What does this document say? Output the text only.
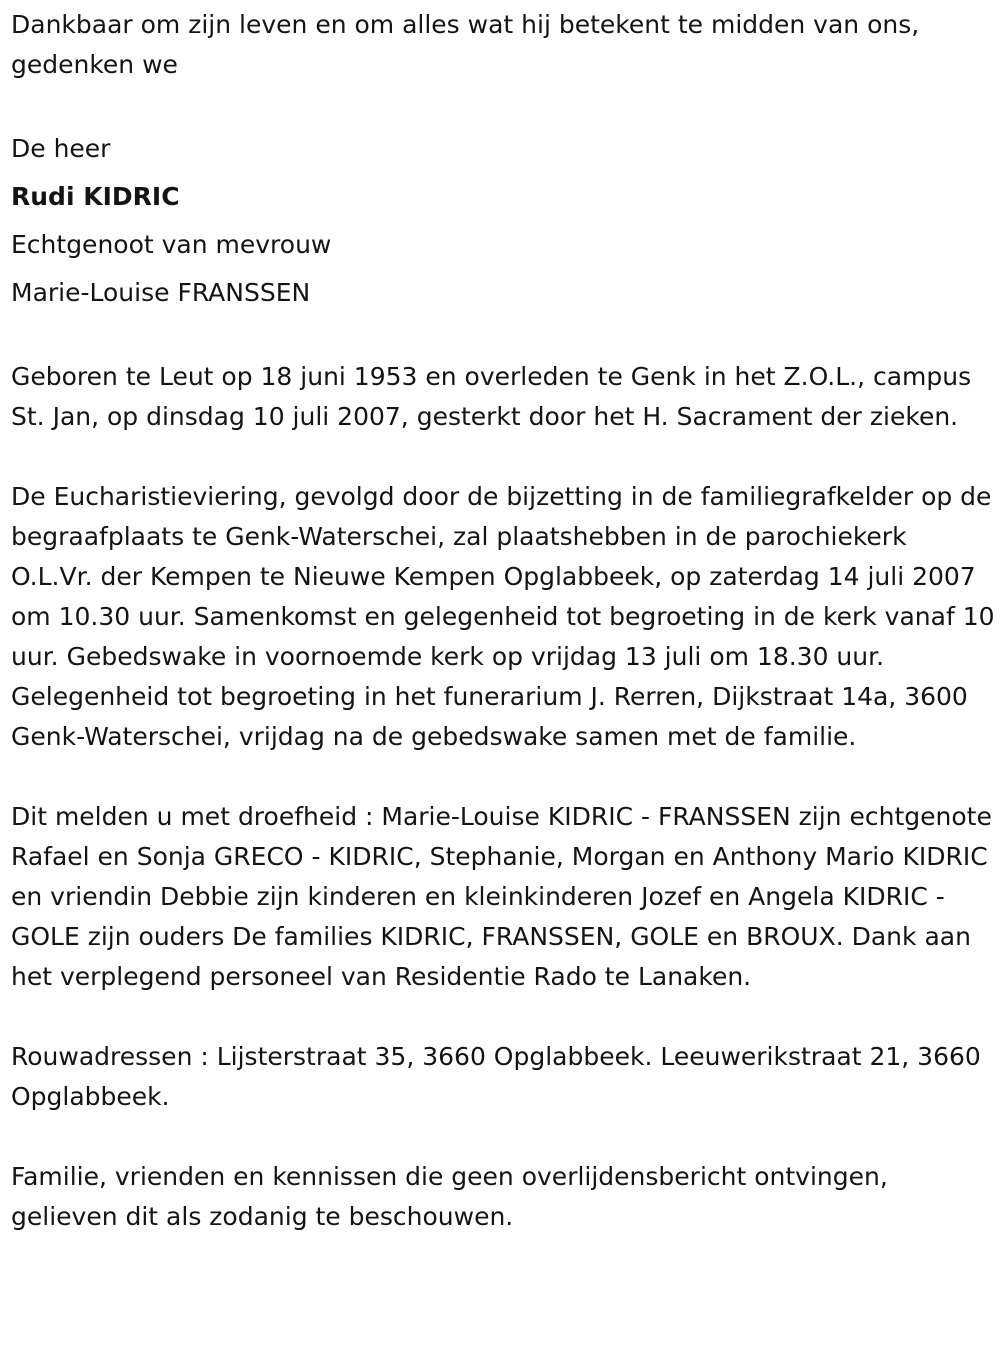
Dankbaar om zijn leven en om alles wat hij betekent te midden van ons, gedenken we

De heer

Rudi KIDRIC

Echtgenoot van mevrouw

Marie-Louise FRANSSEN

Geboren te Leut op 18 juni 1953 en overleden te Genk in het Z.O.L., campus St. Jan, op dinsdag 10 juli 2007, gesterkt door het H. Sacrament der zieken.

De Eucharistieviering, gevolgd door de bijzetting in de familiegrafkelder op de begraafplaats te Genk-Waterschei, zal plaatshebben in de parochiekerk O.L.Vr. der Kempen te Nieuwe Kempen Opglabbeek, op zaterdag 14 juli 2007 om 10.30 uur. Samenkomst en gelegenheid tot begroeting in de kerk vanaf 10 uur. Gebedswake in voornoemde kerk op vrijdag 13 juli om 18.30 uur. Gelegenheid tot begroeting in het funerarium J. Rerren, Dijkstraat 14a, 3600 Genk-Waterschei, vrijdag na de gebedswake samen met de familie.

Dit melden u met droefheid : Marie-Louise KIDRIC - FRANSSEN zijn echtgenote Rafael en Sonja GRECO - KIDRIC, Stephanie, Morgan en Anthony Mario KIDRIC en vriendin Debbie zijn kinderen en kleinkinderen Jozef en Angela KIDRIC - GOLE zijn ouders De families KIDRIC, FRANSSEN, GOLE en BROUX. Dank aan het verplegend personeel van Residentie Rado te Lanaken.

Rouwadressen : Lijsterstraat 35, 3660 Opglabbeek. Leeuwerikstraat 21, 3660 Opglabbeek.

Familie, vrienden en kennissen die geen overlijdensbericht ontvingen, gelieven dit als zodanig te beschouwen.
